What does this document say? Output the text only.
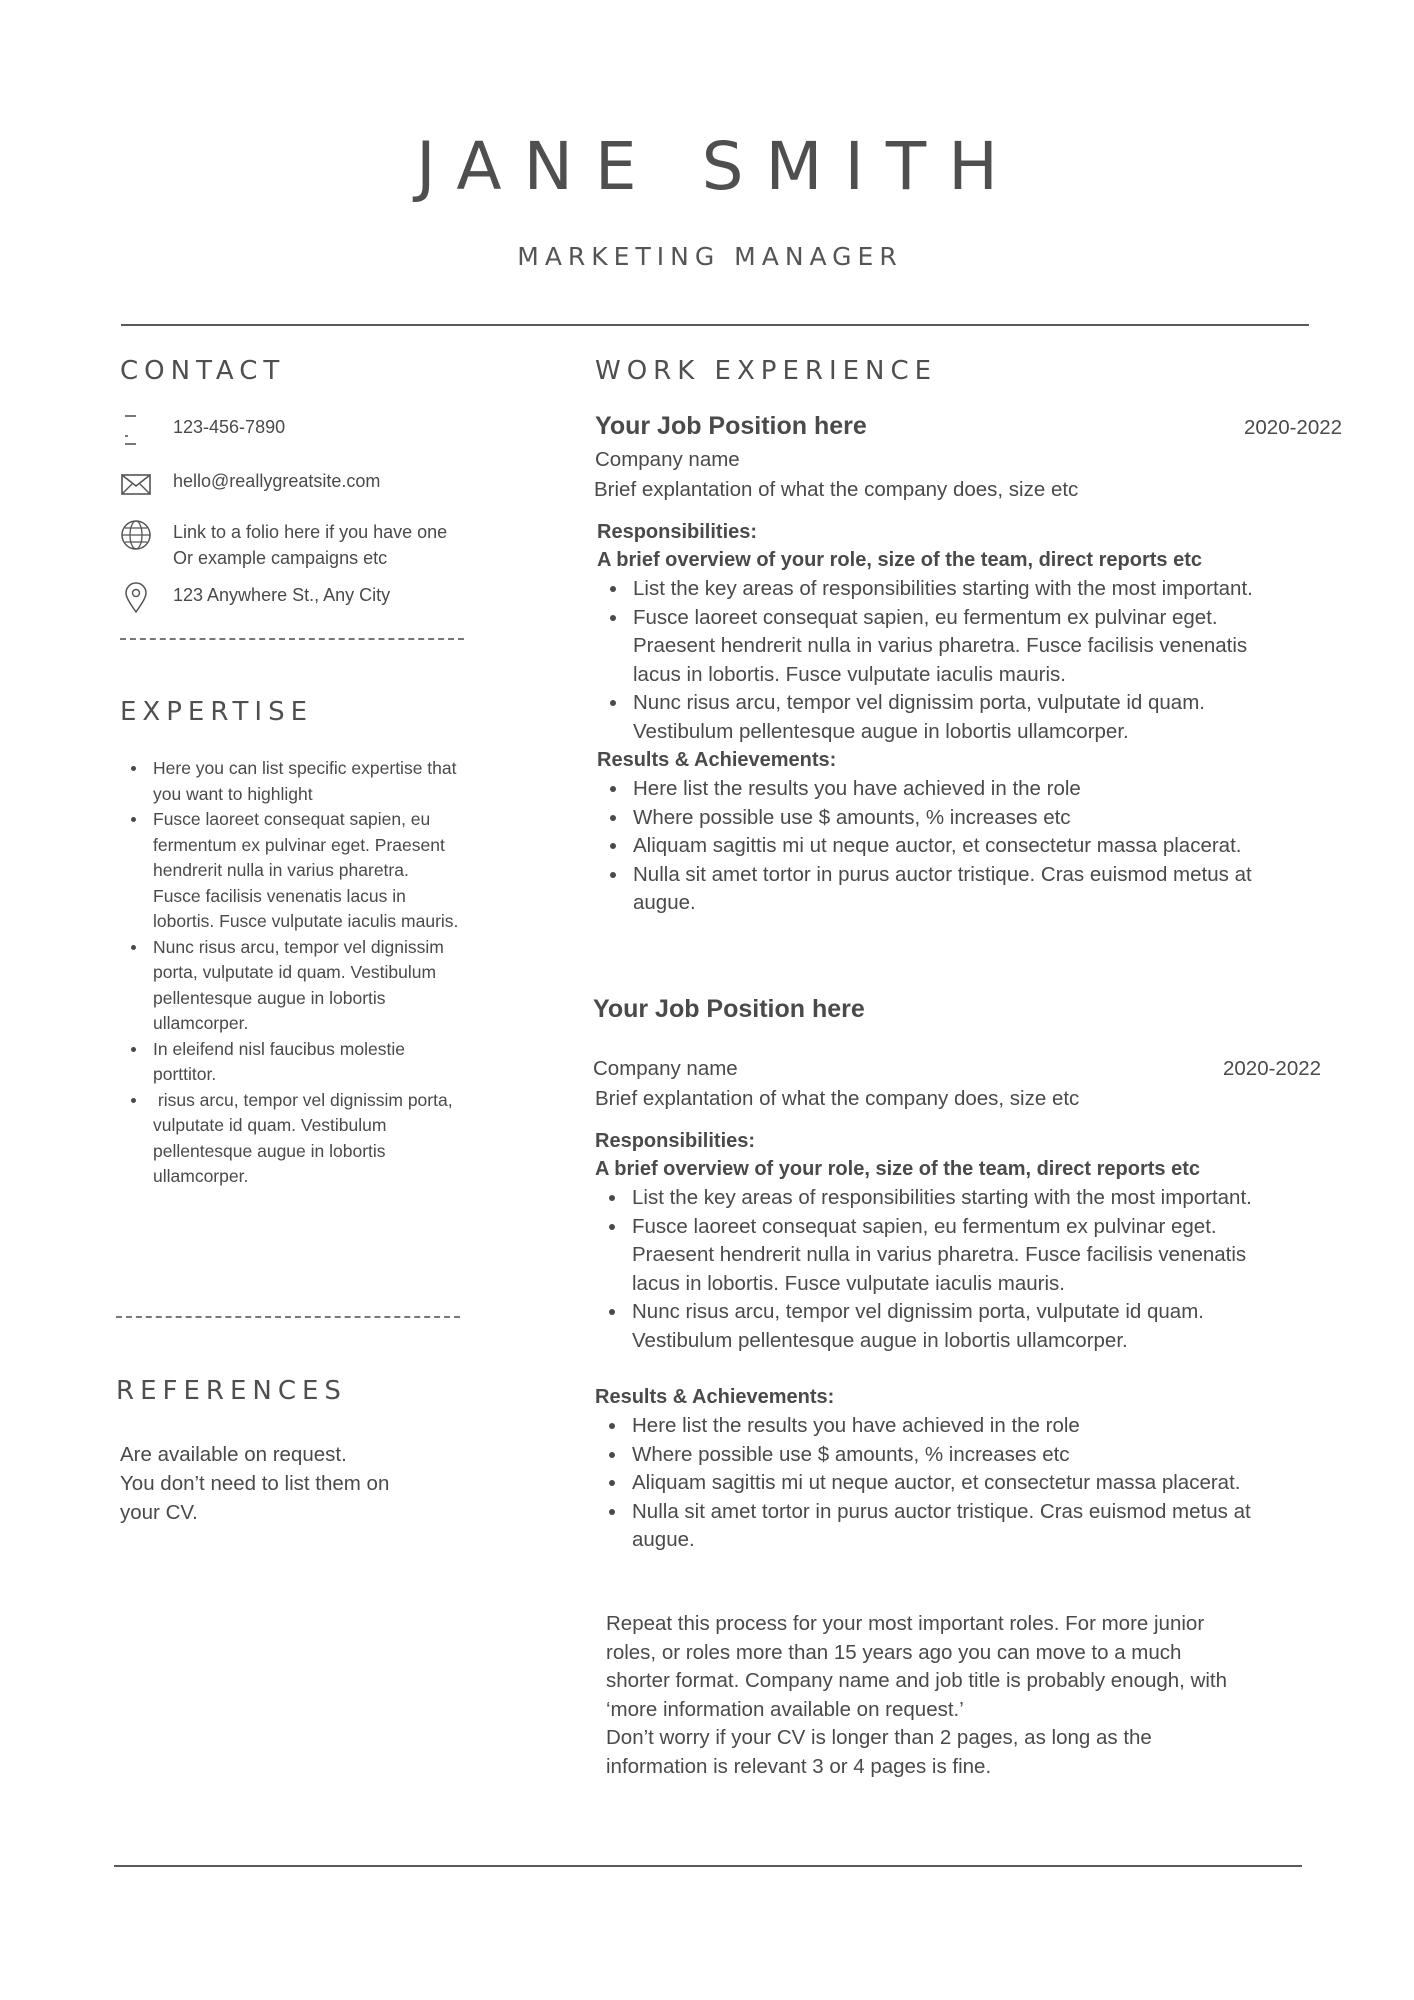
JANE SMITH
MARKETING MANAGER
CONTACT
123-456-7890
hello@reallygreatsite.com
Link to a folio here if you have one
Or example campaigns etc
123 Anywhere St., Any City
EXPERTISE
Here you can list specific expertise that you want to highlight
Fusce laoreet consequat sapien, eu fermentum ex pulvinar eget. Praesent hendrerit nulla in varius pharetra. Fusce facilisis venenatis lacus in lobortis. Fusce vulputate iaculis mauris.
Nunc risus arcu, tempor vel dignissim porta, vulputate id quam. Vestibulum pellentesque augue in lobortis ullamcorper.
In eleifend nisl faucibus molestie porttitor.
risus arcu, tempor vel dignissim porta, vulputate id quam. Vestibulum pellentesque augue in lobortis ullamcorper.
REFERENCES
Are available on request.
You don’t need to list them on
your CV.
WORK EXPERIENCE
Your Job Position here	2020-2022
Company name
Brief explantation of what the company does, size etc
Responsibilities:
A brief overview of your role, size of the team, direct reports etc
List the key areas of responsibilities starting with the most important.
Fusce laoreet consequat sapien, eu fermentum ex pulvinar eget. Praesent hendrerit nulla in varius pharetra. Fusce facilisis venenatis lacus in lobortis. Fusce vulputate iaculis mauris.
Nunc risus arcu, tempor vel dignissim porta, vulputate id quam. Vestibulum pellentesque augue in lobortis ullamcorper.
Results & Achievements:
Here list the results you have achieved in the role
Where possible use $ amounts, % increases etc
Aliquam sagittis mi ut neque auctor, et consectetur massa placerat.
Nulla sit amet tortor in purus auctor tristique. Cras euismod metus at augue.
Your Job Position here
Company name	2020-2022
Brief explantation of what the company does, size etc
Responsibilities:
A brief overview of your role, size of the team, direct reports etc
List the key areas of responsibilities starting with the most important.
Fusce laoreet consequat sapien, eu fermentum ex pulvinar eget. Praesent hendrerit nulla in varius pharetra. Fusce facilisis venenatis lacus in lobortis. Fusce vulputate iaculis mauris.
Nunc risus arcu, tempor vel dignissim porta, vulputate id quam. Vestibulum pellentesque augue in lobortis ullamcorper.
Results & Achievements:
Here list the results you have achieved in the role
Where possible use $ amounts, % increases etc
Aliquam sagittis mi ut neque auctor, et consectetur massa placerat.
Nulla sit amet tortor in purus auctor tristique. Cras euismod metus at augue.
Repeat this process for your most important roles. For more junior roles, or roles more than 15 years ago you can move to a much shorter format. Company name and job title is probably enough, with ‘more information available on request.’
Don’t worry if your CV is longer than 2 pages, as long as the information is relevant 3 or 4 pages is fine.
